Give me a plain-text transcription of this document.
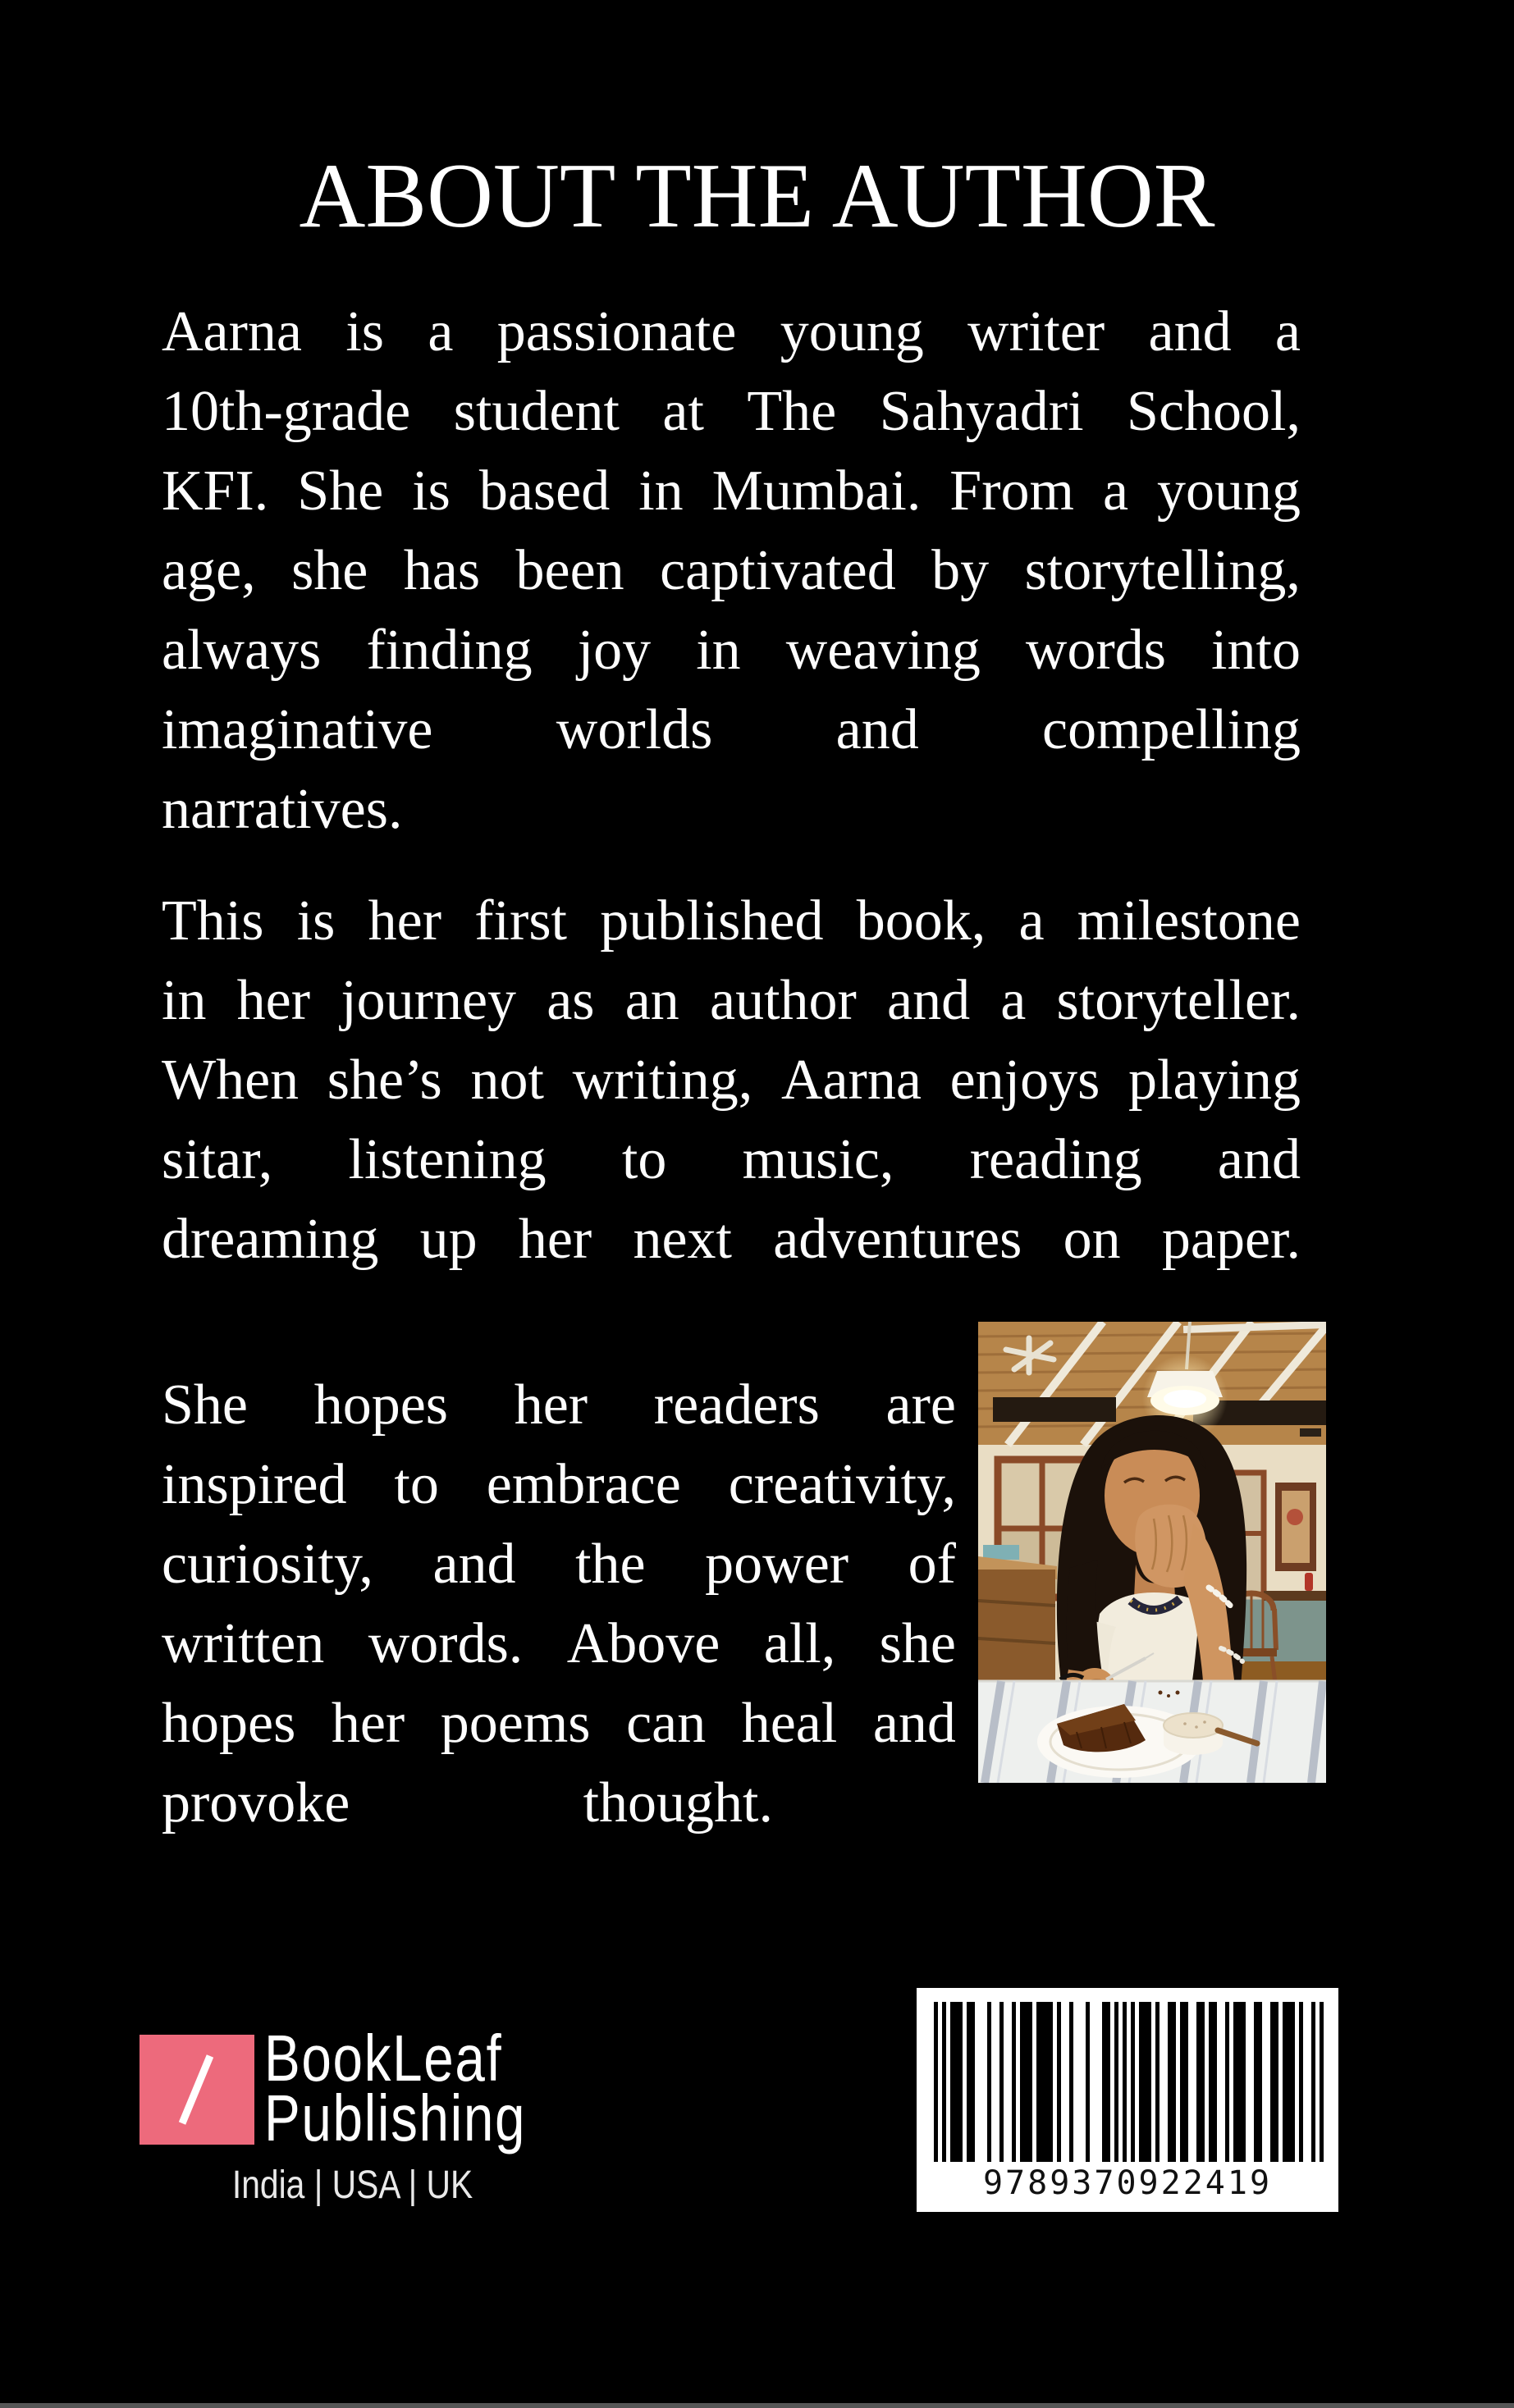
ABOUT THE AUTHOR
Aarna is a passionate young writer and a
10th-grade student at The Sahyadri School,
KFI. She is based in Mumbai. From a young
age, she has been captivated by storytelling,
always finding joy in weaving words into
imaginative worlds and compelling
narratives.
This is her first published book, a milestone
in her journey as an author and a storyteller.
When she’s not writing, Aarna enjoys playing
sitar, listening to music, reading and
dreaming up her next adventures on paper.
She hopes her readers are
inspired to embrace creativity,
curiosity, and the power of
written words. Above all, she
hopes her poems can heal and
provoke	thought.
BookLeaf
Publishing
India | USA | UK	9789370922419
